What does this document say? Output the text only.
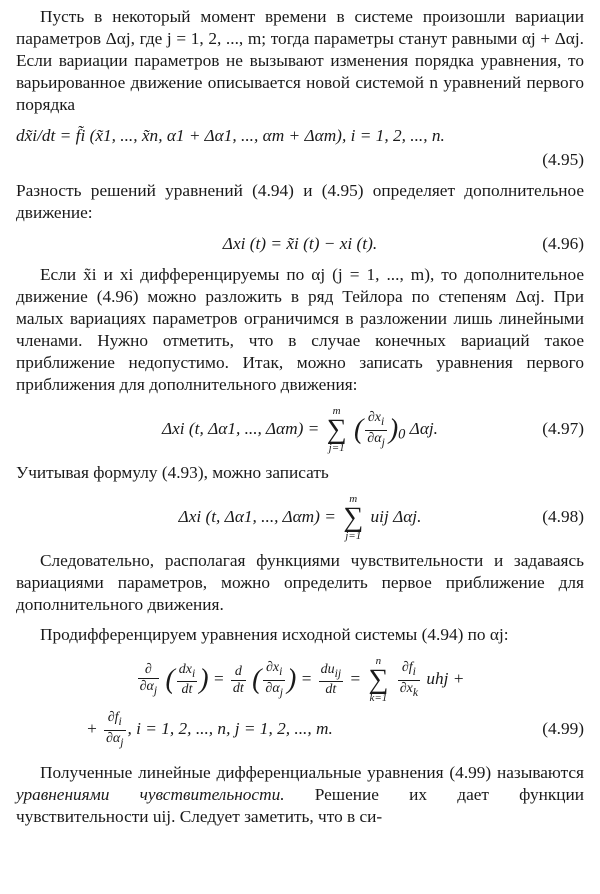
Пусть в некоторый момент времени в системе произошли вариации параметров Δαj, где j = 1, 2, ..., m; тогда параметры станут равными αj + Δαj. Если вариации параметров не вызывают изменения порядка уравнения, то варьированное движение описывается новой системой n уравнений первого порядка

dx̃i/dt = f̃i (x̃1, ..., x̃n, α1 + Δα1, ..., αm + Δαm), i = 1, 2, ..., n.
(4.95)

Разность решений уравнений (4.94) и (4.95) определяет дополнительное движение:

Δxi (t) = x̃i (t) − xi (t).	(4.96)

Если x̃i и xi дифференцируемы по αj (j = 1, ..., m), то дополнительное движение (4.96) можно разложить в ряд Тейлора по степеням Δαj. При малых вариациях параметров ограничимся в разложении лишь линейными членами. Нужно отметить, что в случае конечных вариаций такое приближение недопустимо. Итак, можно записать уравнения первого приближения для дополнительного движения:

Δxi (t, Δα1, ..., Δαm) = m
∑
j=1 ( $\frac{\partial x_i}{\partial\alpha_j} )_0$ Δαj.	(4.97)

Учитывая формулу (4.93), можно записать

Δxi (t, Δα1, ..., Δαm) = m
∑
j=1 uij Δαj.	(4.98)

Следовательно, располагая функциями чувствительности и задаваясь вариациями параметров, можно определить первое приближение для дополнительного движения.

Продифференцируем уравнения исходной системы (4.94) по αj:

$\frac{\partial}{\partial\alpha_j}$ ( $\frac{dx_i}{dt}$ ) = $\frac{d}{dt}$ ( $\frac{\partial x_i}{\partial\alpha_j}$ ) = $\frac{du_{ij}}{dt} = n$
∑
$k=1 \frac{\partial f_i}{\partial x_k}$ uhj +
+ $\frac{\partial f_i}{\partial\alpha_j}$ , i = 1, 2, ..., n, j = 1, 2, ..., m.	(4.99)

Полученные линейные дифференциальные уравнения (4.99) называются уравнениями чувствительности. Решение их дает функции чувствительности uij. Следует заметить, что в си-
